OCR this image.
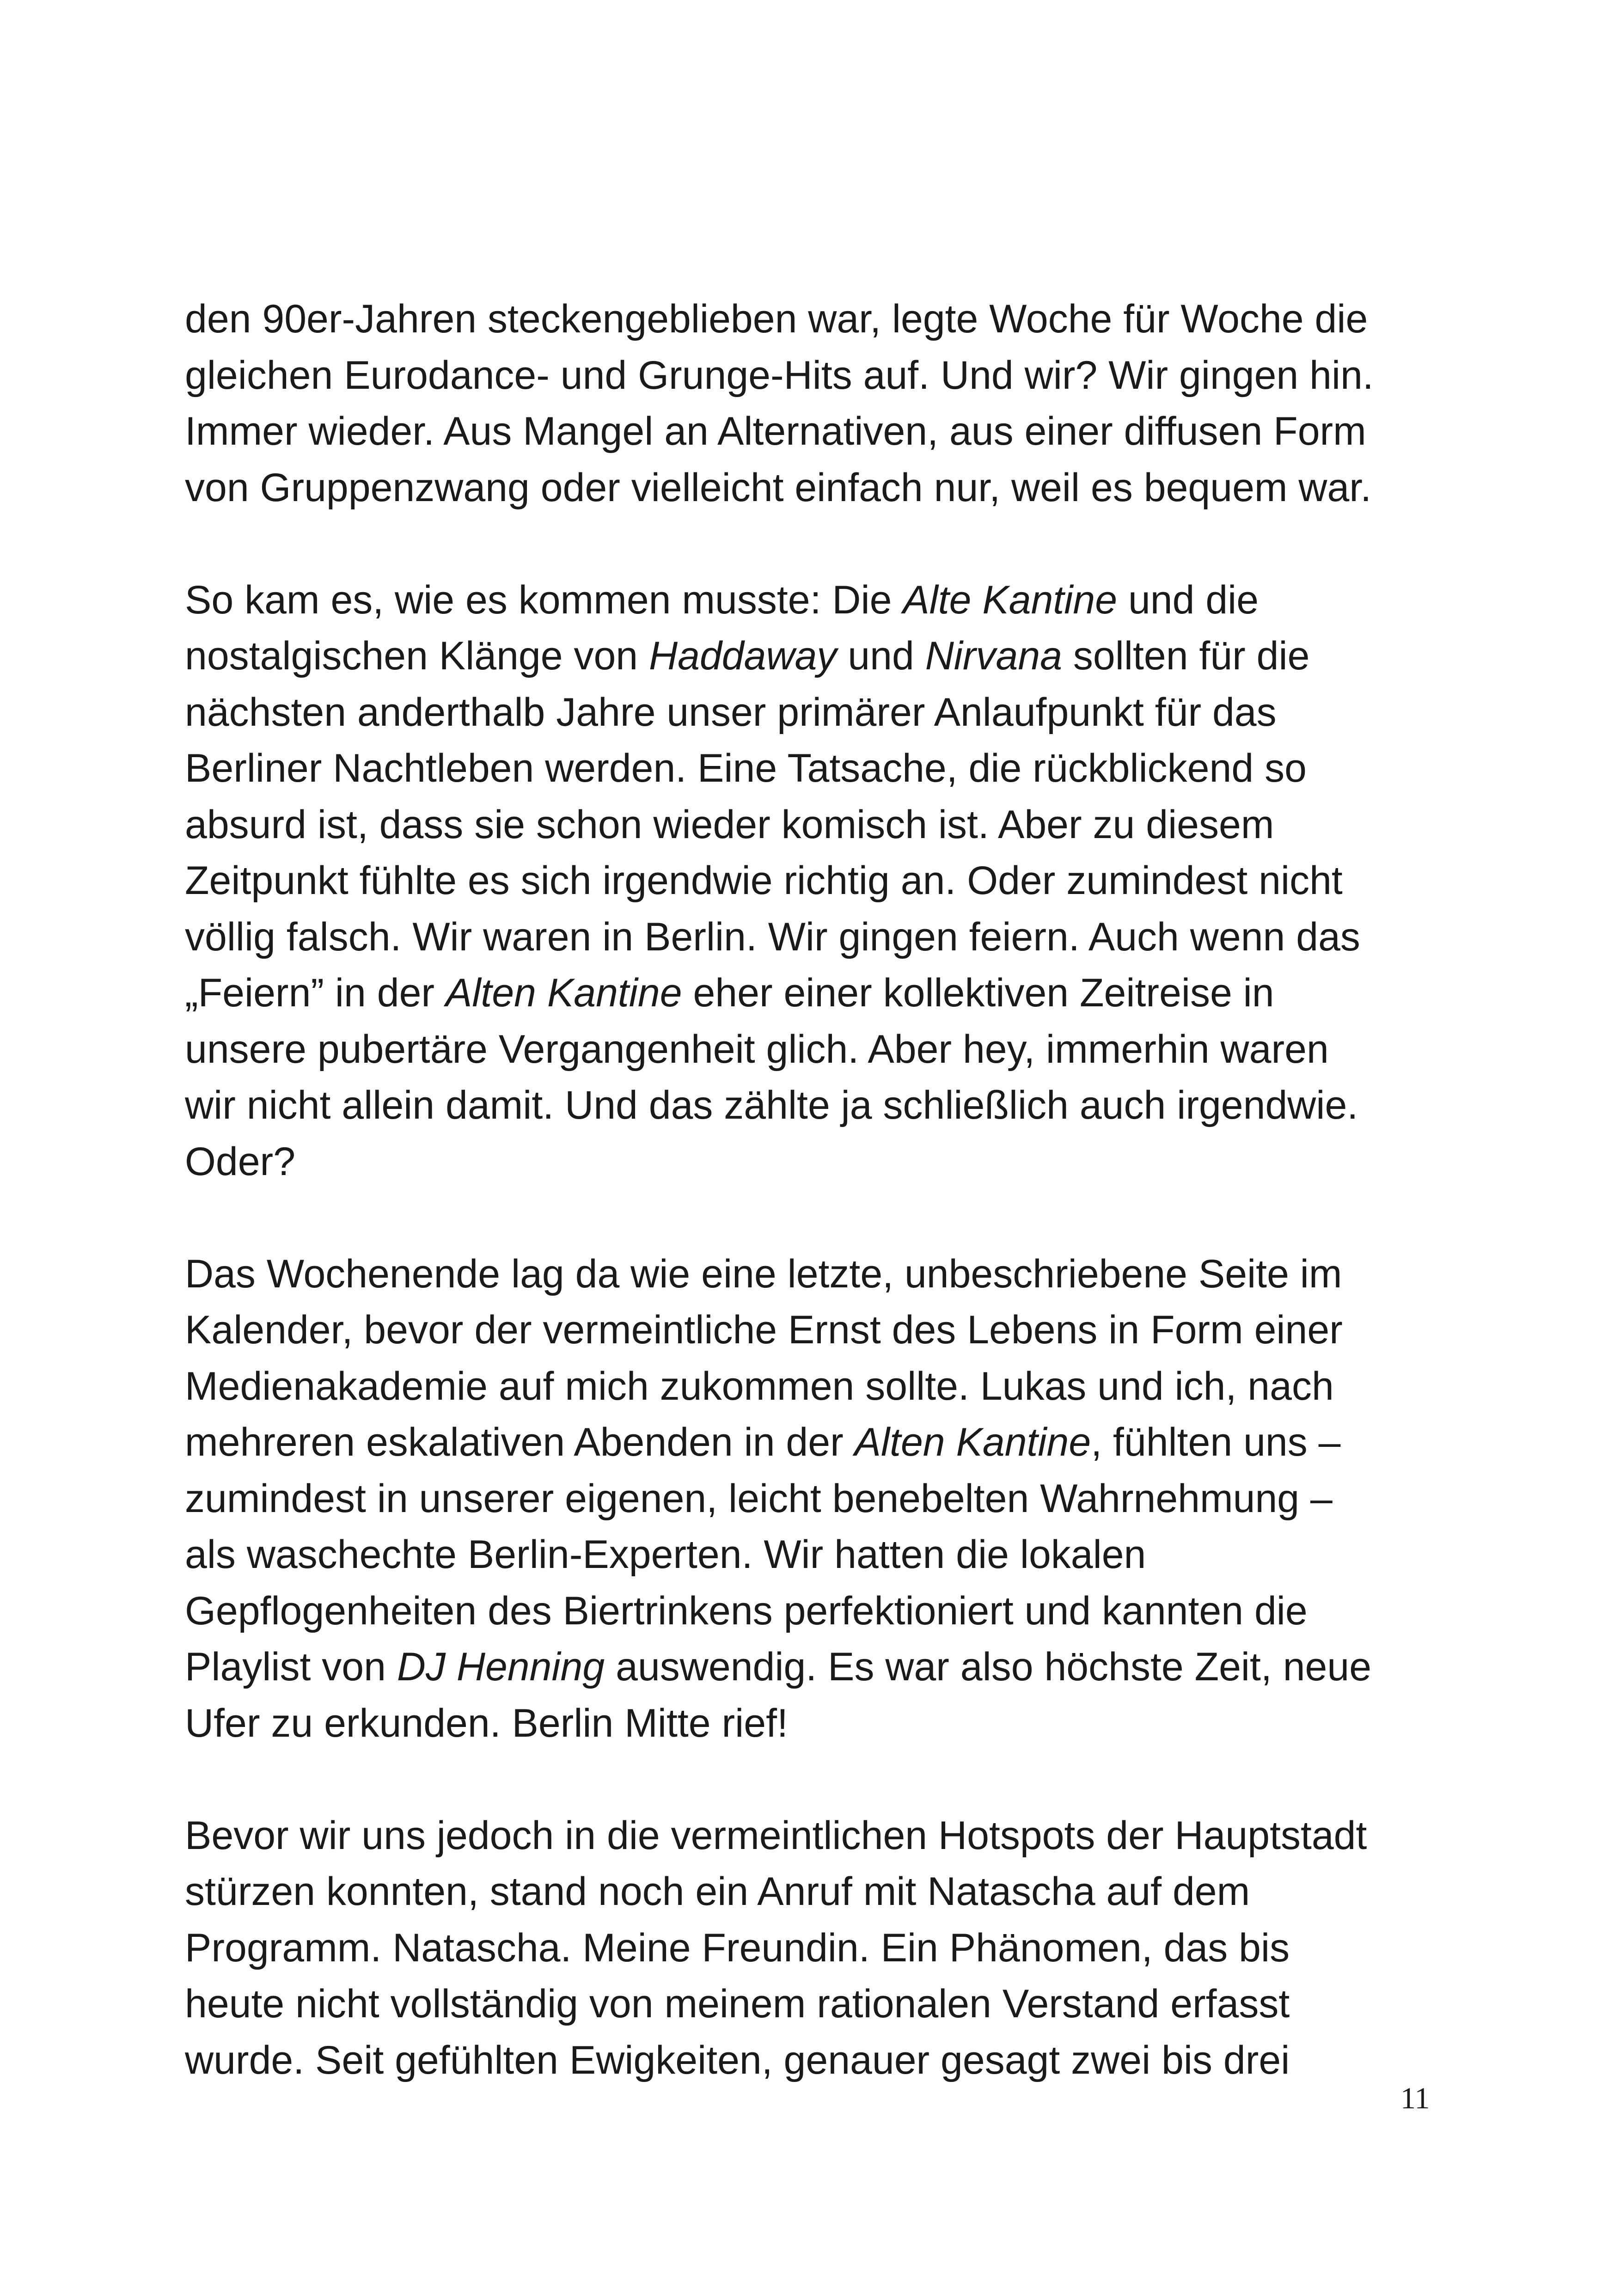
den 90er-Jahren steckengeblieben war, legte Woche für Woche die
gleichen Eurodance- und Grunge-Hits auf. Und wir? Wir gingen hin.
Immer wieder. Aus Mangel an Alternativen, aus einer diffusen Form
von Gruppenzwang oder vielleicht einfach nur, weil es bequem war.
So kam es, wie es kommen musste: Die Alte Kantine und die
nostalgischen Klänge von Haddaway und Nirvana sollten für die
nächsten anderthalb Jahre unser primärer Anlaufpunkt für das
Berliner Nachtleben werden. Eine Tatsache, die rückblickend so
absurd ist, dass sie schon wieder komisch ist. Aber zu diesem
Zeitpunkt fühlte es sich irgendwie richtig an. Oder zumindest nicht
völlig falsch. Wir waren in Berlin. Wir gingen feiern. Auch wenn das
„Feiern” in der Alten Kantine eher einer kollektiven Zeitreise in
unsere pubertäre Vergangenheit glich. Aber hey, immerhin waren
wir nicht allein damit. Und das zählte ja schließlich auch irgendwie.
Oder?
Das Wochenende lag da wie eine letzte, unbeschriebene Seite im
Kalender, bevor der vermeintliche Ernst des Lebens in Form einer
Medienakademie auf mich zukommen sollte. Lukas und ich, nach
mehreren eskalativen Abenden in der Alten Kantine, fühlten uns –
zumindest in unserer eigenen, leicht benebelten Wahrnehmung –
als waschechte Berlin-Experten. Wir hatten die lokalen
Gepflogenheiten des Biertrinkens perfektioniert und kannten die
Playlist von DJ Henning auswendig. Es war also höchste Zeit, neue
Ufer zu erkunden. Berlin Mitte rief!
Bevor wir uns jedoch in die vermeintlichen Hotspots der Hauptstadt
stürzen konnten, stand noch ein Anruf mit Natascha auf dem
Programm. Natascha. Meine Freundin. Ein Phänomen, das bis
heute nicht vollständig von meinem rationalen Verstand erfasst
wurde. Seit gefühlten Ewigkeiten, genauer gesagt zwei bis drei
11
